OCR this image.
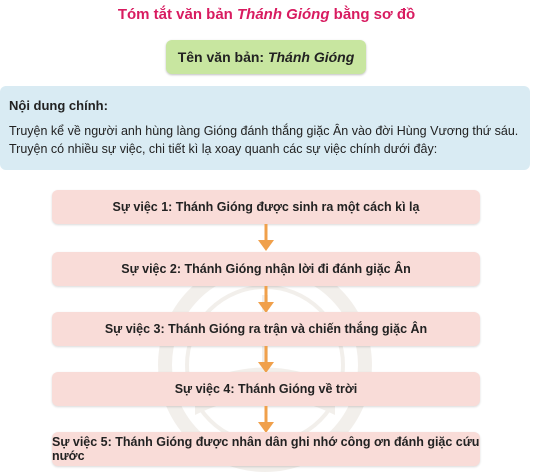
Tóm tắt văn bản Thánh Gióng bằng sơ đồ
Tên văn bản: Thánh Gióng
Nội dung chính:
Truyện kể về người anh hùng làng Gióng đánh thắng giặc Ân vào đời Hùng Vương thứ sáu.
Truyện có nhiều sự việc, chi tiết kì lạ xoay quanh các sự việc chính dưới đây:
Sự việc 1: Thánh Gióng được sinh ra một cách kì lạ
Sự việc 2: Thánh Gióng nhận lời đi đánh giặc Ân
Sự việc 3: Thánh Gióng ra trận và chiến thắng giặc Ân
Sự việc 4: Thánh Gióng về trời
Sự việc 5: Thánh Gióng được nhân dân ghi nhớ công ơn đánh giặc cứu nước
